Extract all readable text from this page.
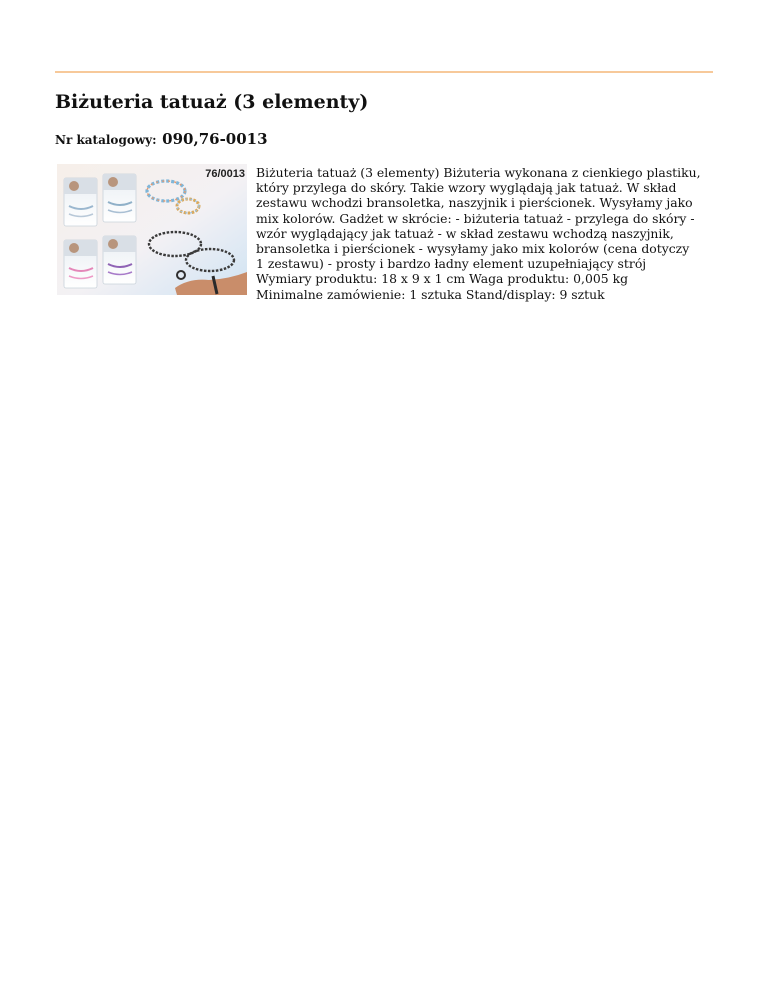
Biżuteria tatuaż (3 elementy)
Nr katalogowy: 090,76-0013
76/0013 Biżuteria tatuaż (3 elementy) Biżuteria wykonana z cienkiego plastiku,
który przylega do skóry. Takie wzory wyglądają jak tatuaż. W skład
zestawu wchodzi bransoletka, naszyjnik i pierścionek. Wysyłamy jako
mix kolorów. Gadżet w skrócie: - biżuteria tatuaż - przylega do skóry -
wzór wyglądający jak tatuaż - w skład zestawu wchodzą naszyjnik,
bransoletka i pierścionek - wysyłamy jako mix kolorów (cena dotyczy
1 zestawu) - prosty i bardzo ładny element uzupełniający strój
Wymiary produktu: 18 x 9 x 1 cm Waga produktu: 0,005 kg
Minimalne zamówienie: 1 sztuka Stand/display: 9 sztuk
